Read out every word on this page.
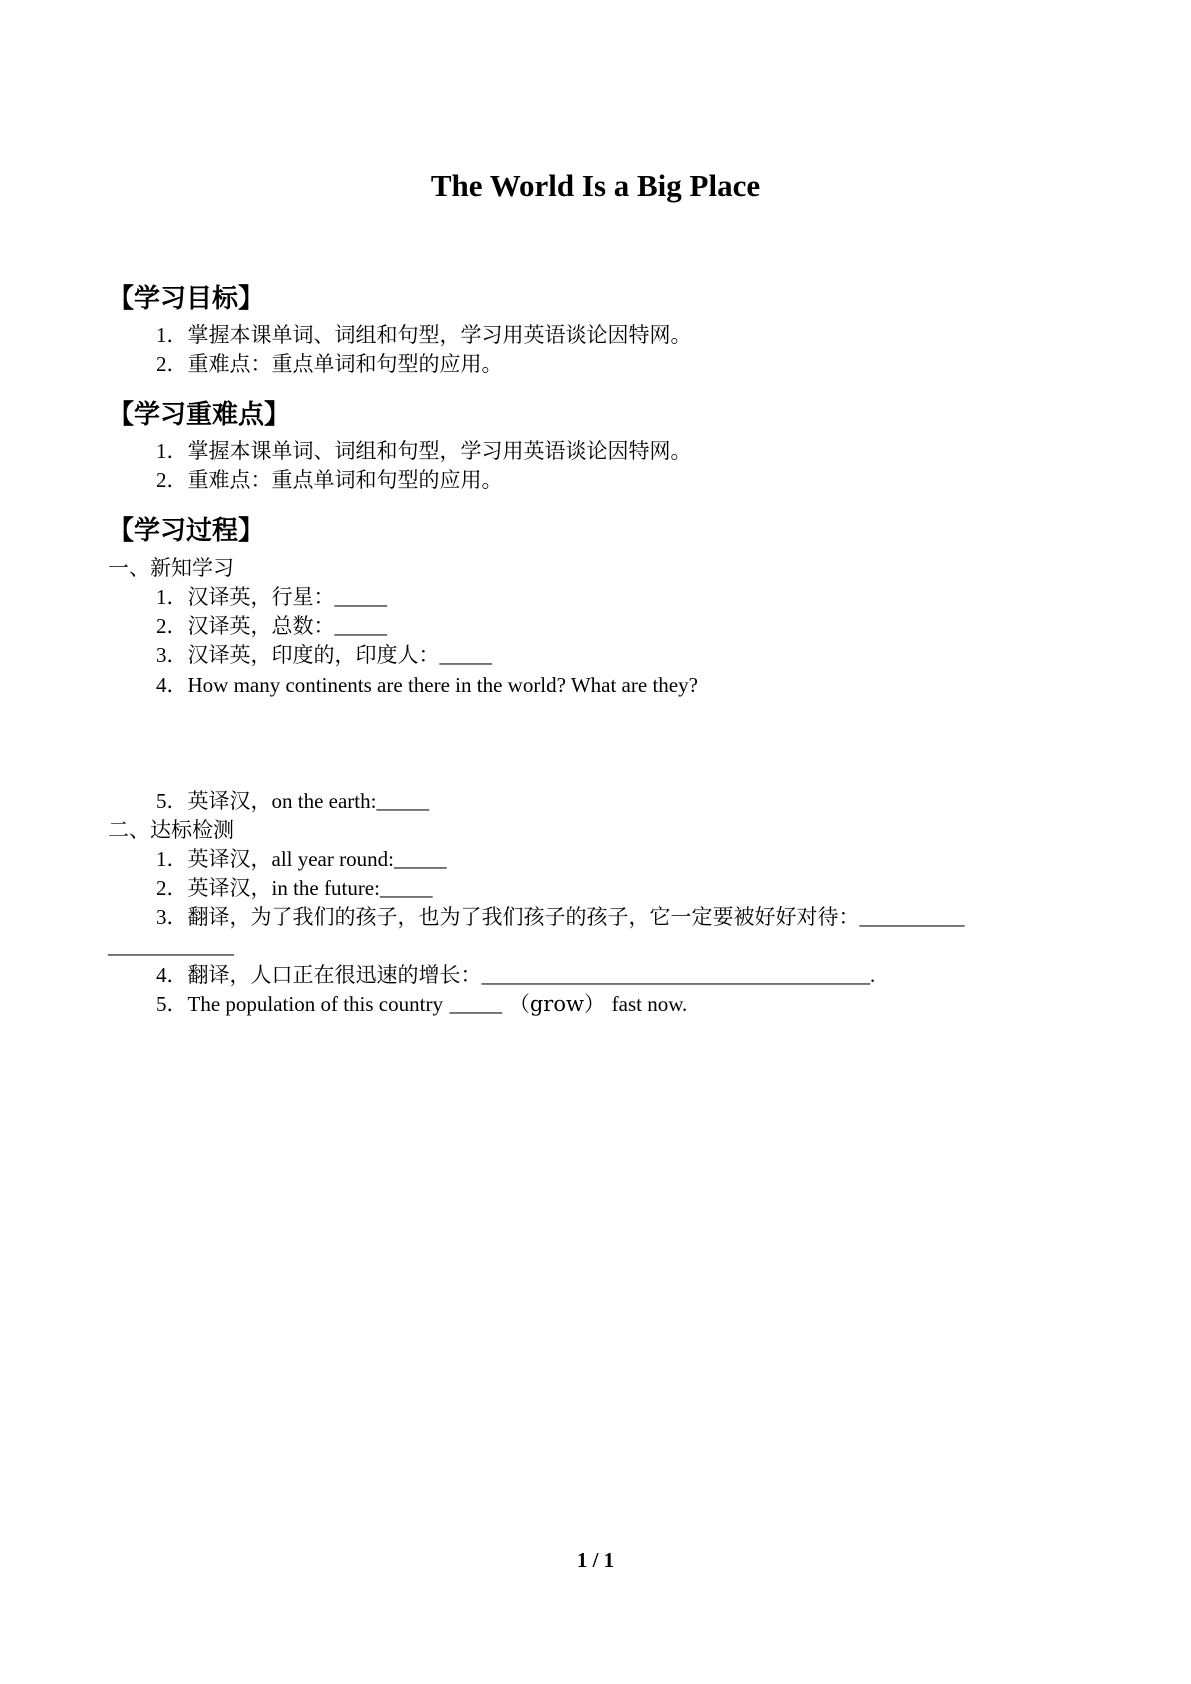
The World Is a Big Place
【学习目标】
1．掌握本课单词、词组和句型，学习用英语谈论因特网。
2．重难点：重点单词和句型的应用。
【学习重难点】
1．掌握本课单词、词组和句型，学习用英语谈论因特网。
2．重难点：重点单词和句型的应用。
【学习过程】
一、新知学习
1．汉译英，行星：_____
2．汉译英，总数：_____
3．汉译英，印度的，印度人：_____
4．How many continents are there in the world? What are they?
5．英译汉，on the earth:_____
二、达标检测
1．英译汉，all year round:_____
2．英译汉，in the future:_____
3．翻译，为了我们的孩子，也为了我们孩子的孩子，它一定要被好好对待：__________
____________
4．翻译，人口正在很迅速的增长：_____________________________________.
5．The population of this country _____ （grow） fast now.
1 / 1
